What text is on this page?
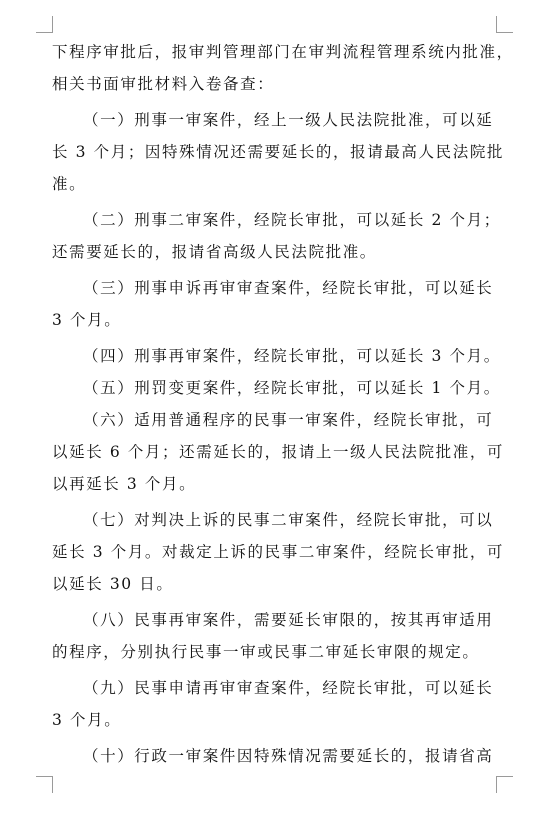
下程序审批后，报审判管理部门在审判流程管理系统内批准，
相关书面审批材料入卷备查：
（一）刑事一审案件，经上一级人民法院批准，可以延
长 3 个月；因特殊情况还需要延长的，报请最高人民法院批
准。
（二）刑事二审案件，经院长审批，可以延长 2 个月；
还需要延长的，报请省高级人民法院批准。
（三）刑事申诉再审审查案件，经院长审批，可以延长
3 个月。
（四）刑事再审案件，经院长审批，可以延长 3 个月。
（五）刑罚变更案件，经院长审批，可以延长 1 个月。
（六）适用普通程序的民事一审案件，经院长审批，可
以延长 6 个月；还需延长的，报请上一级人民法院批准，可
以再延长 3 个月。
（七）对判决上诉的民事二审案件，经院长审批，可以
延长 3 个月。对裁定上诉的民事二审案件，经院长审批，可
以延长 30 日。
（八）民事再审案件，需要延长审限的，按其再审适用
的程序，分别执行民事一审或民事二审延长审限的规定。
（九）民事申请再审审查案件，经院长审批，可以延长
3 个月。
（十）行政一审案件因特殊情况需要延长的，报请省高
